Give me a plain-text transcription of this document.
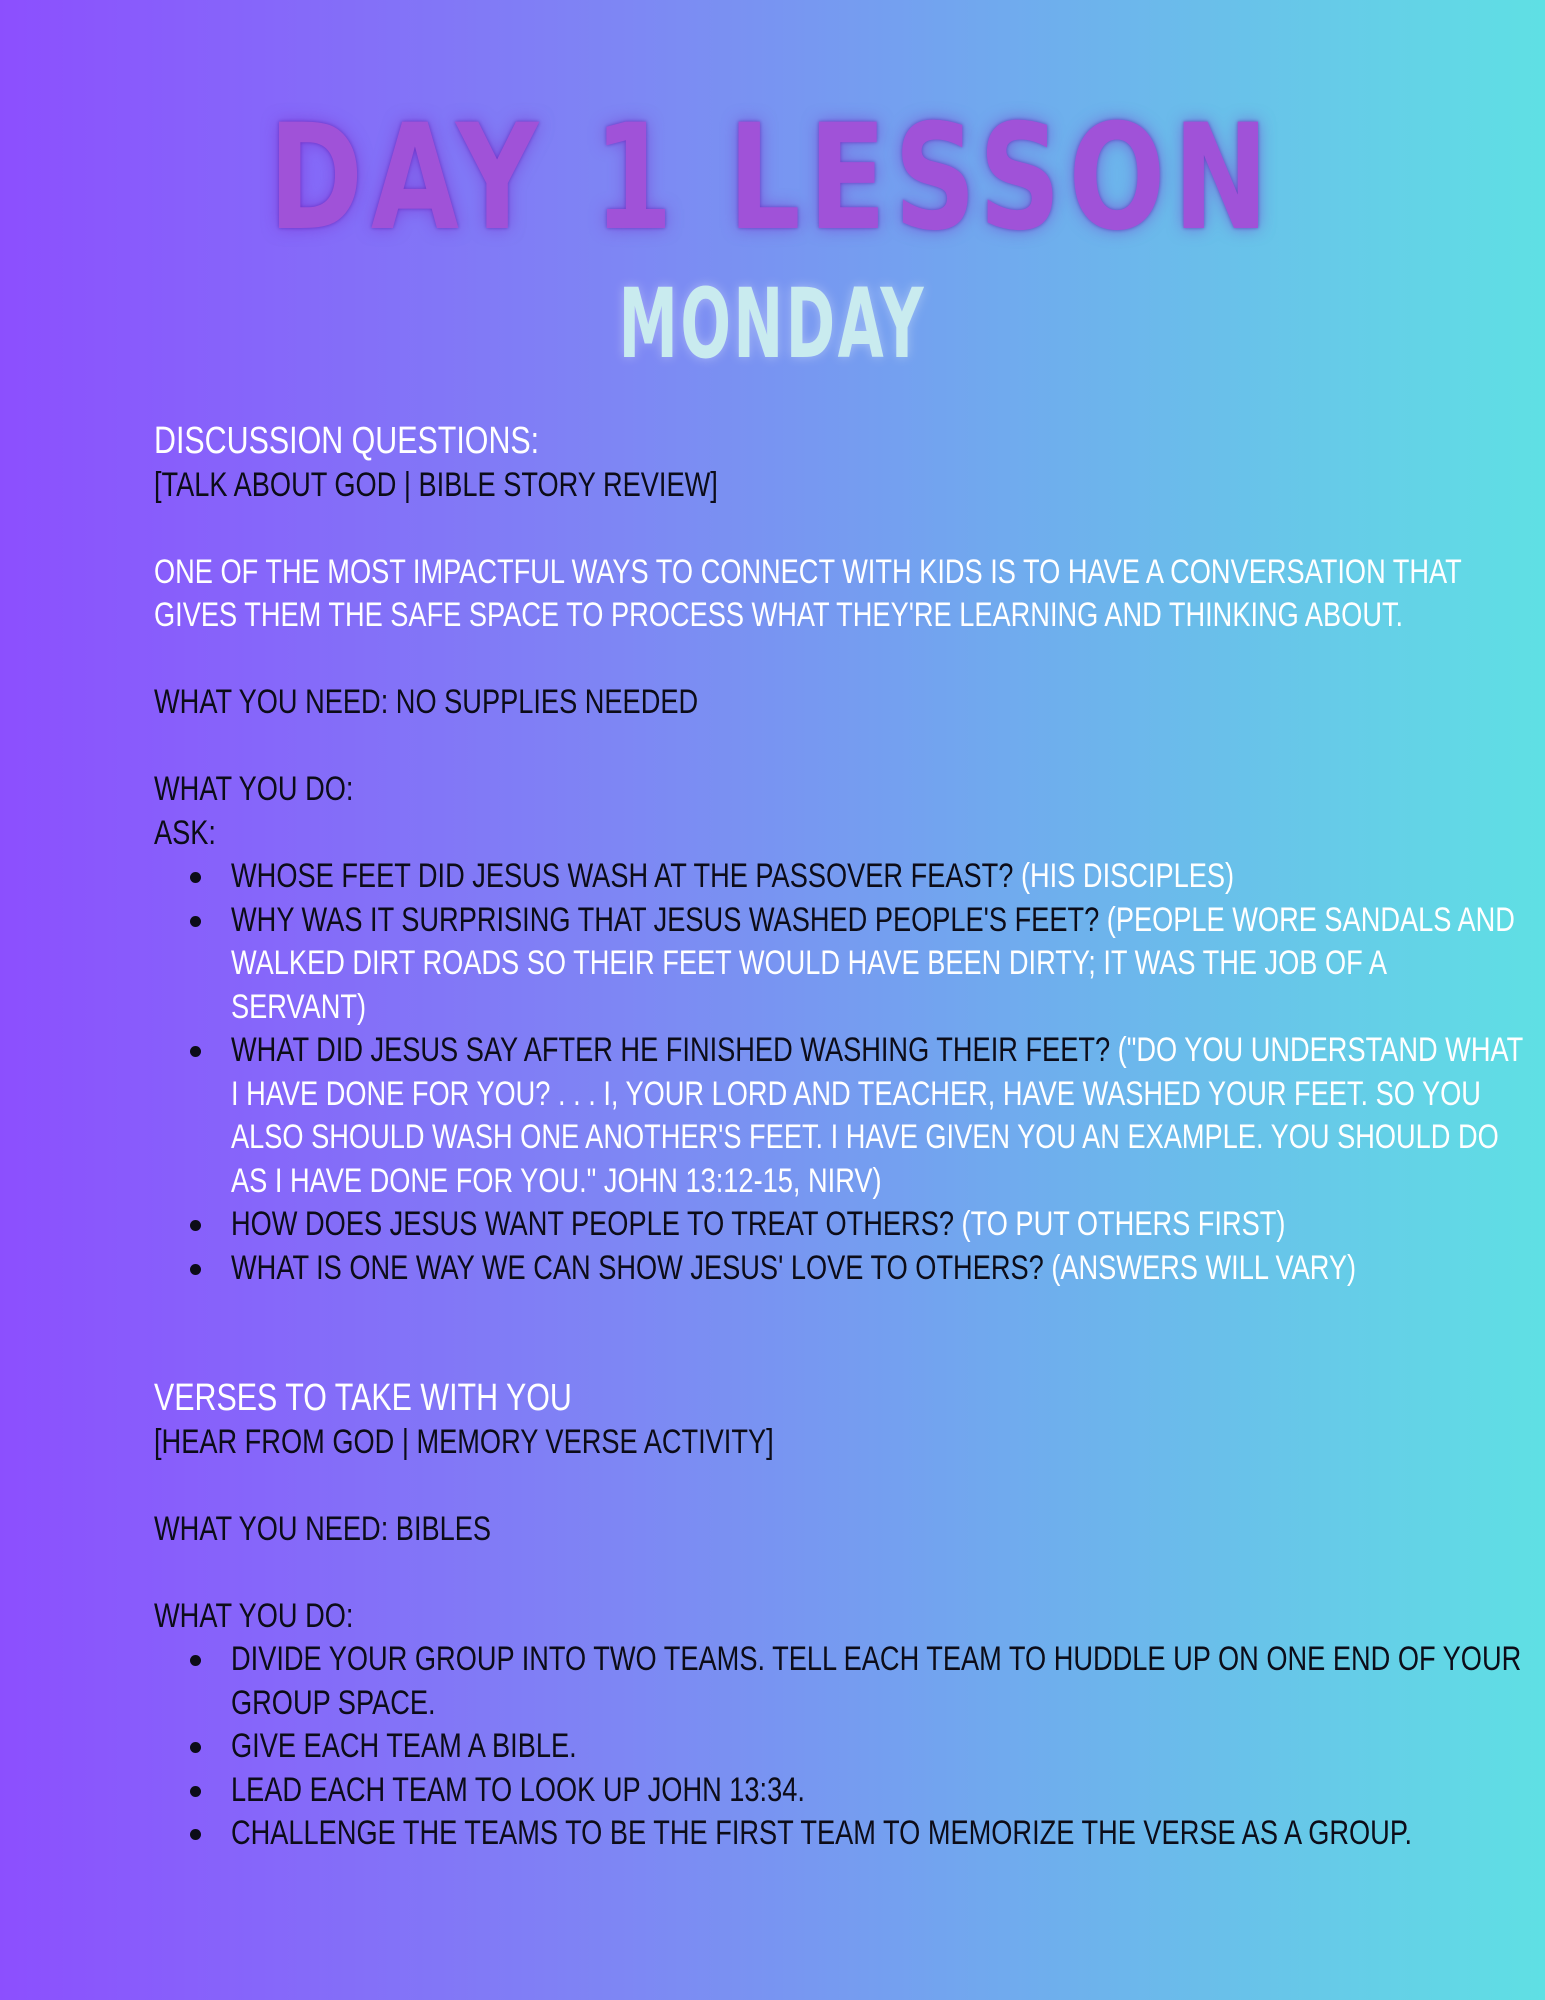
DAY 1 LESSON
MONDAY
DISCUSSION QUESTIONS:
[TALK ABOUT GOD | BIBLE STORY REVIEW]
ONE OF THE MOST IMPACTFUL WAYS TO CONNECT WITH KIDS IS TO HAVE A CONVERSATION THAT
GIVES THEM THE SAFE SPACE TO PROCESS WHAT THEY'RE LEARNING AND THINKING ABOUT.
WHAT YOU NEED: NO SUPPLIES NEEDED
WHAT YOU DO:
ASK:
WHOSE FEET DID JESUS WASH AT THE PASSOVER FEAST? (HIS DISCIPLES)
WHY WAS IT SURPRISING THAT JESUS WASHED PEOPLE'S FEET? (PEOPLE WORE SANDALS AND
WALKED DIRT ROADS SO THEIR FEET WOULD HAVE BEEN DIRTY; IT WAS THE JOB OF A
SERVANT)
WHAT DID JESUS SAY AFTER HE FINISHED WASHING THEIR FEET? ("DO YOU UNDERSTAND WHAT
I HAVE DONE FOR YOU? . . . I, YOUR LORD AND TEACHER, HAVE WASHED YOUR FEET. SO YOU
ALSO SHOULD WASH ONE ANOTHER'S FEET. I HAVE GIVEN YOU AN EXAMPLE. YOU SHOULD DO
AS I HAVE DONE FOR YOU." JOHN 13:12-15, NIRV)
HOW DOES JESUS WANT PEOPLE TO TREAT OTHERS? (TO PUT OTHERS FIRST)
WHAT IS ONE WAY WE CAN SHOW JESUS' LOVE TO OTHERS? (ANSWERS WILL VARY)
VERSES TO TAKE WITH YOU
[HEAR FROM GOD | MEMORY VERSE ACTIVITY]
WHAT YOU NEED: BIBLES
WHAT YOU DO:
DIVIDE YOUR GROUP INTO TWO TEAMS. TELL EACH TEAM TO HUDDLE UP ON ONE END OF YOUR
GROUP SPACE.
GIVE EACH TEAM A BIBLE.
LEAD EACH TEAM TO LOOK UP JOHN 13:34.
CHALLENGE THE TEAMS TO BE THE FIRST TEAM TO MEMORIZE THE VERSE AS A GROUP.
